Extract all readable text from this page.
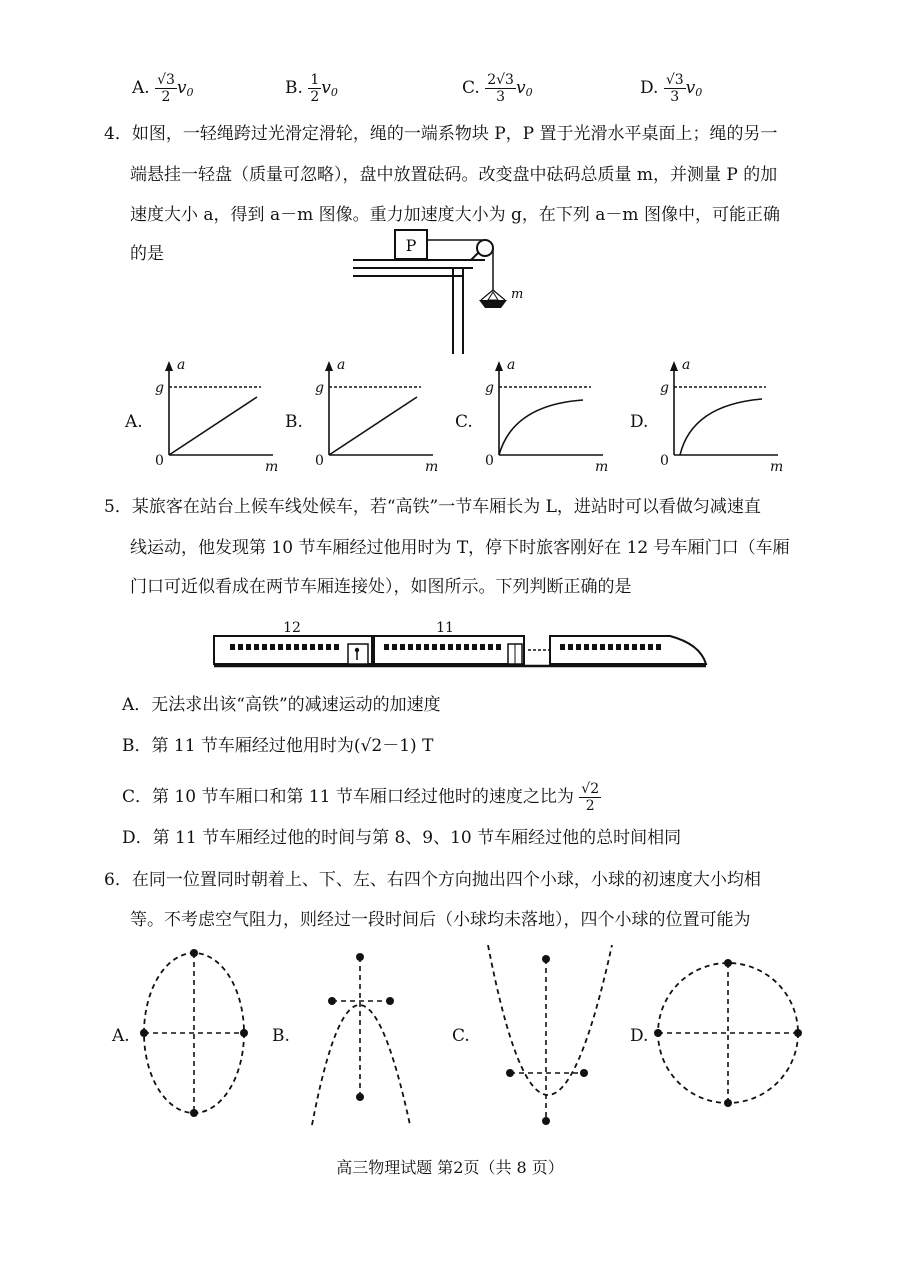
A. $\frac{√3}{2} v_0$	B. $\frac{1}{2} v_0$	C. $\frac{2√3}{3} v_0$	D. $\frac{√3}{3} v_0$
4．如图，一轻绳跨过光滑定滑轮，绳的一端系物块 P，P 置于光滑水平桌面上；绳的另一
端悬挂一轻盘（质量可忽略），盘中放置砝码。改变盘中砝码总质量 m，并测量 P 的加
速度大小 a，得到 a－m 图像。重力加速度大小为 g，在下列 a－m 图像中，可能正确
的是	P
m
A.
a
g
0	m
B.
a
g
0	m
C.
a
g
0	m
D.
a
g
0	m
5．某旅客在站台上候车线处候车，若“高铁”一节车厢长为 L，进站时可以看做匀减速直
线运动，他发现第 10 节车厢经过他用时为 T，停下时旅客刚好在 12 号车厢门口（车厢
门口可近似看成在两节车厢连接处），如图所示。下列判断正确的是
12	11
A．无法求出该“高铁”的减速运动的加速度
B．第 11 节车厢经过他用时为(√2－1) T
C．第 10 节车厢口和第 11 节车厢口经过他时的速度之比为 $\frac{√2}{2}$
D．第 11 节车厢经过他的时间与第 8、9、10 节车厢经过他的总时间相同
6．在同一位置同时朝着上、下、左、右四个方向抛出四个小球，小球的初速度大小均相
等。不考虑空气阻力，则经过一段时间后（小球均未落地），四个小球的位置可能为
A.	B.	C.	D.
高三物理试题 第2页（共 8 页）
